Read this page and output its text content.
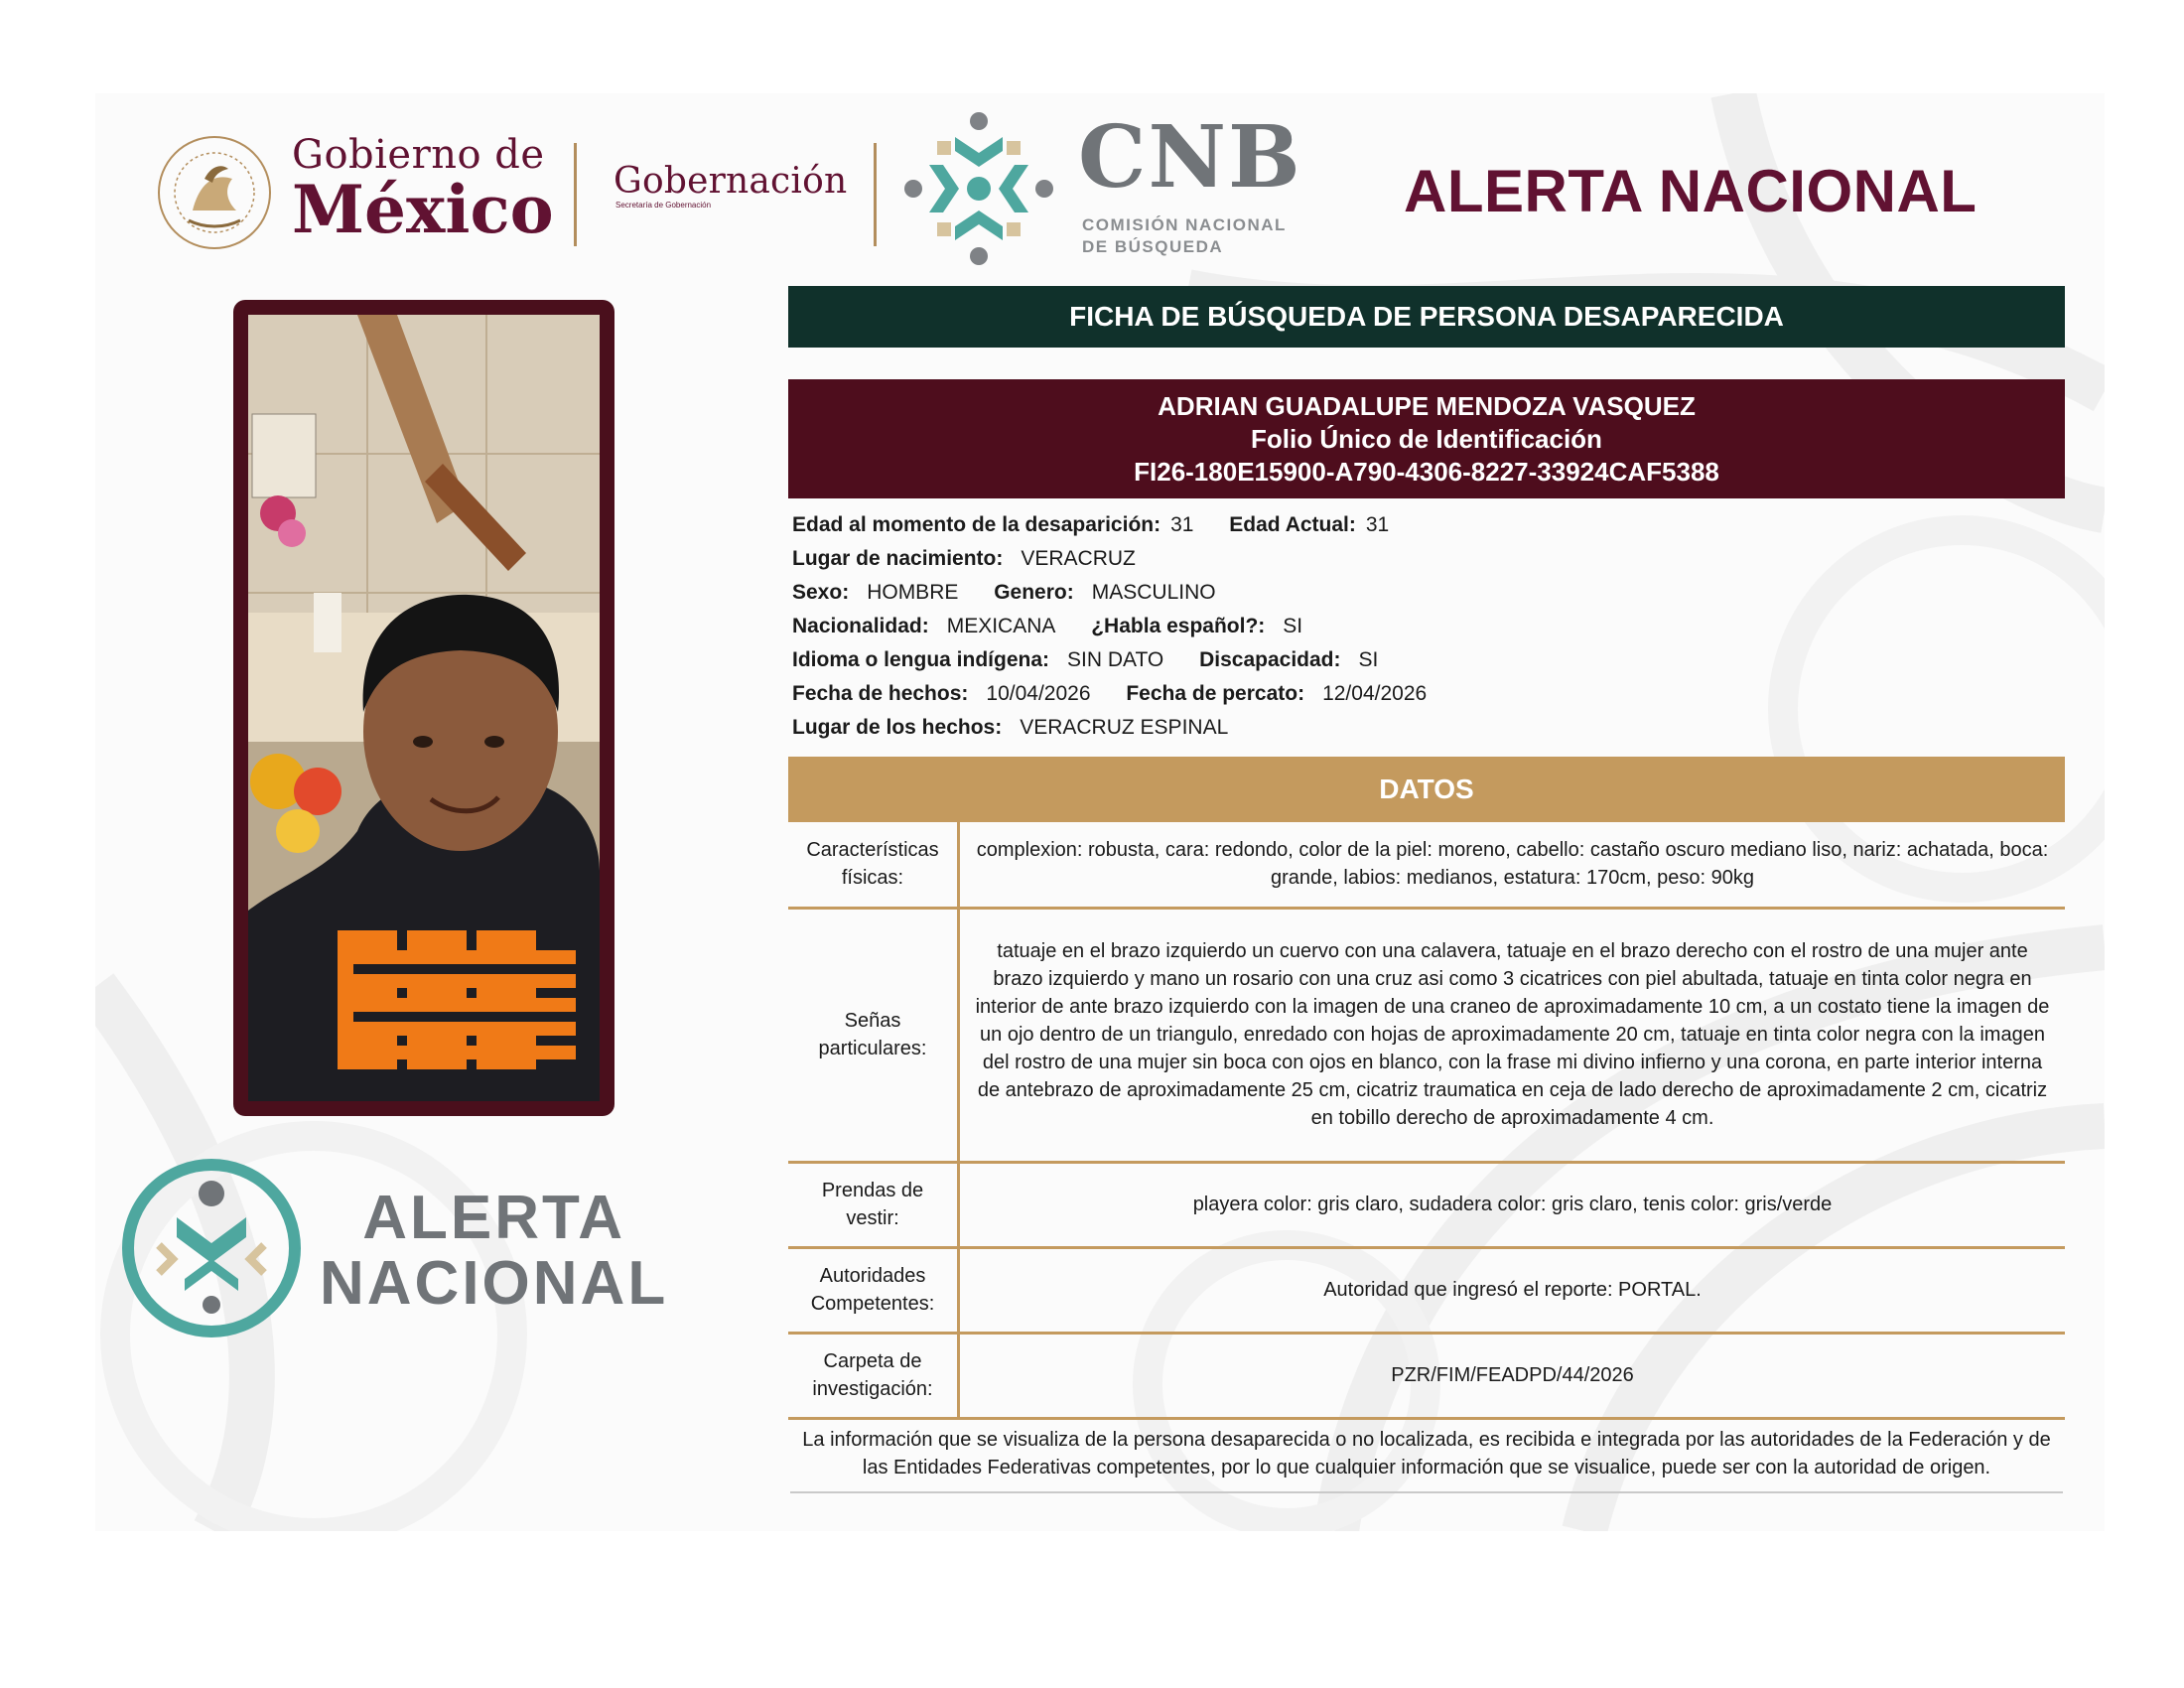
Gobierno de
México Gobernación
Secretaría de Gobernación	CNB
COMISIÓN NACIONAL
DE BÚSQUEDA
ALERTA NACIONAL
ALERTA
NACIONAL
FICHA DE BÚSQUEDA DE PERSONA DESAPARECIDA
ADRIAN GUADALUPE MENDOZA VASQUEZ
Folio Único de Identificación
FI26-180E15900-A790-4306-8227-33924CAF5388
Edad al momento de la desaparición: 31 Edad Actual: 31
Lugar de nacimiento: VERACRUZ
Sexo: HOMBRE Genero: MASCULINO
Nacionalidad: MEXICANA ¿Habla español?: SI
Idioma o lengua indígena: SIN DATO Discapacidad: SI
Fecha de hechos: 10/04/2026 Fecha de percato: 12/04/2026
Lugar de los hechos: VERACRUZ ESPINAL
DATOS
Características físicas:	complexion: robusta, cara: redondo, color de la piel: moreno, cabello: castaño oscuro mediano liso, nariz: achatada, boca: grande, labios: medianos, estatura: 170cm, peso: 90kg
Señas particulares:	tatuaje en el brazo izquierdo un cuervo con una calavera, tatuaje en el brazo derecho con el rostro de una mujer ante brazo izquierdo y mano un rosario con una cruz asi como 3 cicatrices con piel abultada, tatuaje en tinta color negra en interior de ante brazo izquierdo con la imagen de una craneo de aproximadamente 10 cm, a un costato tiene la imagen de un ojo dentro de un triangulo, enredado con hojas de aproximadamente 20 cm, tatuaje en tinta color negra con la imagen del rostro de una mujer sin boca con ojos en blanco, con la frase mi divino infierno y una corona, en parte interior interna de antebrazo de aproximadamente 25 cm, cicatriz traumatica en ceja de lado derecho de aproximadamente 2 cm, cicatriz en tobillo derecho de aproximadamente 4 cm.
Prendas de vestir:	playera color: gris claro, sudadera color: gris claro, tenis color: gris/verde
Autoridades Competentes:	Autoridad que ingresó el reporte: PORTAL.
Carpeta de investigación:	PZR/FIM/FEADPD/44/2026
La información que se visualiza de la persona desaparecida o no localizada, es recibida e integrada por las autoridades de la Federación y de las Entidades Federativas competentes, por lo que cualquier información que se visualice, puede ser con la autoridad de origen.
